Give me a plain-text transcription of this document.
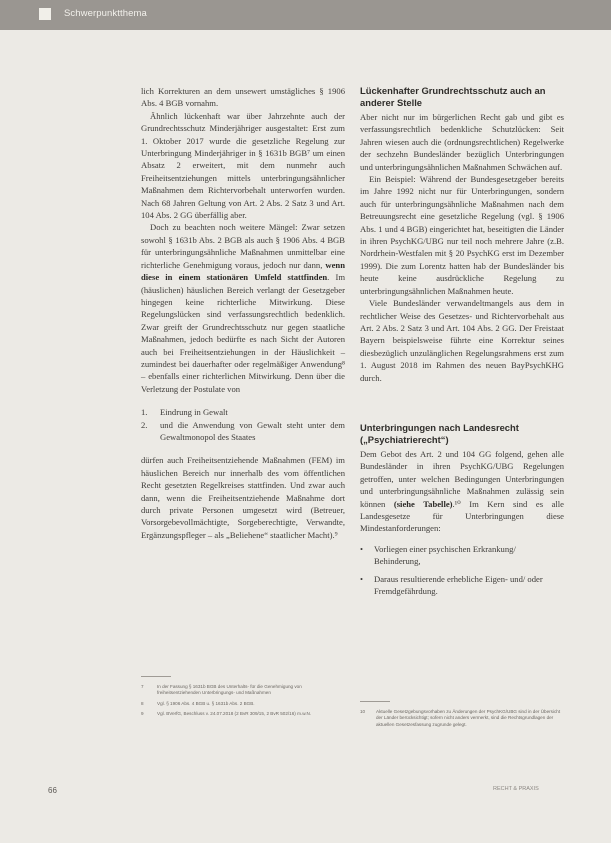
Schwerpunktthema

lich Korrekturen an dem unsewert umstägliches § 1906 Abs. 4 BGB vornahm.

Ähnlich lückenhaft war über Jahrzehnte auch der Grundrechtsschutz Minderjähriger ausgestaltet: Erst zum 1. Oktober 2017 wurde die gesetzliche Regelung zur Unterbringung Minderjähriger in § 1631b BGB⁷ um einen Absatz 2 erweitert, mit dem nunmehr auch Freiheitsentziehungen mittels unterbringungsähnlicher Maßnahmen dem Richtervorbehalt unterworfen wurden. Nach 68 Jahren Geltung von Art. 2 Abs. 2 Satz 3 und Art. 104 Abs. 2 GG überfällig aber.

Doch zu beachten noch weitere Mängel: Zwar setzen sowohl § 1631b Abs. 2 BGB als auch § 1906 Abs. 4 BGB für unterbringungsähnliche Maßnahmen unmittelbar eine richterliche Genehmigung voraus, jedoch nur dann, wenn diese in einem stationären Umfeld stattfinden. Im (häuslichen) häuslichen Bereich verlangt der Gesetzgeber hingegen keine richterliche Mitwirkung. Diese Regelungslücken sind verfassungsrechtlich bedenklich. Zwar greift der Grundrechtsschutz nur gegen staatliche Maßnahmen, jedoch bedürfte es nach Sicht der Autoren auch bei Freiheitsentziehungen in der Häuslichkeit – zumindest bei dauerhafter oder regelmäßiger Anwendung⁸ – ebenfalls einer richterlichen Mitwirkung. Denn über die Verletzung der Postulate von

1.	Eindrung in Gewalt
2.	und die Anwendung von Gewalt steht unter dem Gewaltmonopol des Staates

dürfen auch Freiheitsentziehende Maßnahmen (FEM) im häuslichen Bereich nur innerhalb des vom öffentlichen Recht gesetzten Regelkreises stattfinden. Und zwar auch dann, wenn die Freiheitsentziehende Maßnahme dort durch private Personen umgesetzt wird (Betreuer, Vorsorgebevollmächtigte, Sorgeberechtigte, Verwandte, Ergänzungspfleger – als „Beliehene“ staatlicher Macht).⁹

Lückenhafter Grundrechtsschutz auch an anderer Stelle

Aber nicht nur im bürgerlichen Recht gab und gibt es verfassungsrechtlich bedenkliche Schutzlücken: Seit Jahren wiesen auch die (ordnungsrechtlichen) Regelwerke der sechzehn Bundesländer bezüglich Unterbringungen und unterbringungsähnlichen Maßnahmen Schwächen auf.

Ein Beispiel: Während der Bundesgesetzgeber bereits im Jahre 1992 nicht nur für Unterbringungen, sondern auch für unterbringungsähnliche Maßnahmen nach dem Betreuungsrecht eine gesetzliche Regelung (vgl. § 1906 Abs. 1 und 4 BGB) eingerichtet hat, beseitigten die Länder in ihren PsychKG/UBG nur teil noch mehrere Jahre (z.B. Nordrhein-Westfalen mit § 20 PsychKG erst im Dezember 1999). Die zum Lorentz hatten hab der Bundesländer bis heute keine ausdrückliche Regelung zu unterbringungsähnlichen Maßnahmen heute.

Viele Bundesländer verwandeltmangels aus dem in rechtlicher Weise des Gesetzes- und Richtervorbehalt aus Art. 2 Abs. 2 Satz 3 und Art. 104 Abs. 2 GG. Der Freistaat Bayern beispielsweise führte eine Korrektur seines diesbezüglich unzulänglichen Regelungsrahmens erst zum 1. August 2018 im Rahmen des neuen BayPsychKHG durch.

Unterbringungen nach Landesrecht („Psychiatrierecht“)

Dem Gebot des Art. 2 und 104 GG folgend, gehen alle Bundesländer in ihren PsychKG/UBG Regelungen getroffen, unter welchen Bedingungen Unterbringungen und unterbringungsähnliche Maßnahmen zulässig sein können (siehe Tabelle).¹⁰ Im Kern sind es alle Landesgesetze für Unterbringungen diese Mindestanforderungen:

•	Vorliegen einer psychischen Erkrankung/ Behinderung,
•	Daraus resultierende erhebliche Eigen- und/ oder Fremdgefährdung.
7	In der Fassung § 1631b BGB des Unterhalts- für die Genehmigung von freiheitsentziehenden Unterbringungs- und Maßnahmen
8	Vgl. § 1906 Abs. 4 BGB u. § 1631b Abs. 2 BGB.
9	Vgl. BVerfG, Beschluss v. 24.07.2018 (2 BvR 309/15, 2 BvR 502/16) m.w.N.	10	Aktuelle Gesetzgebungsvorhaben zu Änderungen der PsychKG/UBG sind in der Übersicht der Länder berücksichtigt; sofern nicht anders vermerkt, sind die Rechtsgrundlagen der aktuellen Gesetzesfassung zugrunde gelegt.
66	RECHT & PRAXIS
